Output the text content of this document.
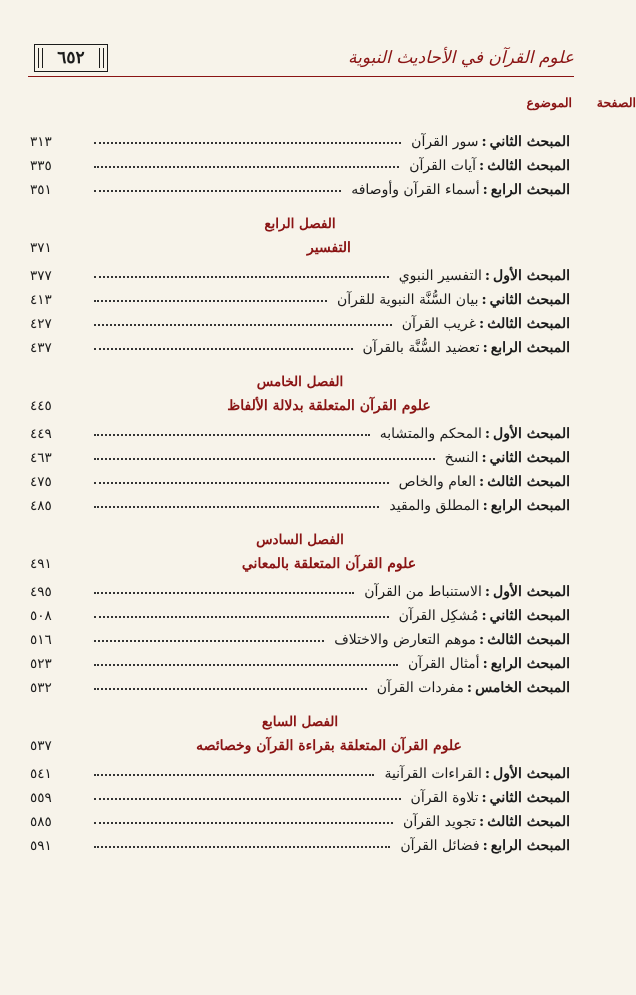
علوم القرآن في الأحاديث النبوية
٦٥٢
الموضوع	الصفحة
المبحث الثاني
:
سور القرآن
٣١٣
المبحث الثالث
:
آيات القرآن
٣٣٥
المبحث الرابع
:
أسماء القرآن وأوصافه
٣٥١
الفصل الرابع
التفسير
٣٧١
المبحث الأول
:
التفسير النبوي
٣٧٧
المبحث الثاني
:
بيان السُّنَّة النبوية للقرآن
٤١٣
المبحث الثالث
:
غريب القرآن
٤٢٧
المبحث الرابع
:
تعضيد السُّنَّة بالقرآن
٤٣٧
الفصل الخامس
علوم القرآن المتعلقة بدلالة الألفاظ
٤٤٥
المبحث الأول
:
المحكم والمتشابه
٤٤٩
المبحث الثاني
:
النسخ
٤٦٣
المبحث الثالث
:
العام والخاص
٤٧٥
المبحث الرابع
:
المطلق والمقيد
٤٨٥
الفصل السادس
علوم القرآن المتعلقة بالمعاني
٤٩١
المبحث الأول
:
الاستنباط من القرآن
٤٩٥
المبحث الثاني
:
مُشكِل القرآن
٥٠٨
المبحث الثالث
:
موهم التعارض والاختلاف
٥١٦
المبحث الرابع
:
أمثال القرآن
٥٢٣
المبحث الخامس
:
مفردات القرآن
٥٣٢
الفصل السابع
علوم القرآن المتعلقة بقراءة القرآن وخصائصه
٥٣٧
المبحث الأول
:
القراءات القرآنية
٥٤١
المبحث الثاني
:
تلاوة القرآن
٥٥٩
المبحث الثالث
:
تجويد القرآن
٥٨٥
المبحث الرابع
:
فضائل القرآن
٥٩١
